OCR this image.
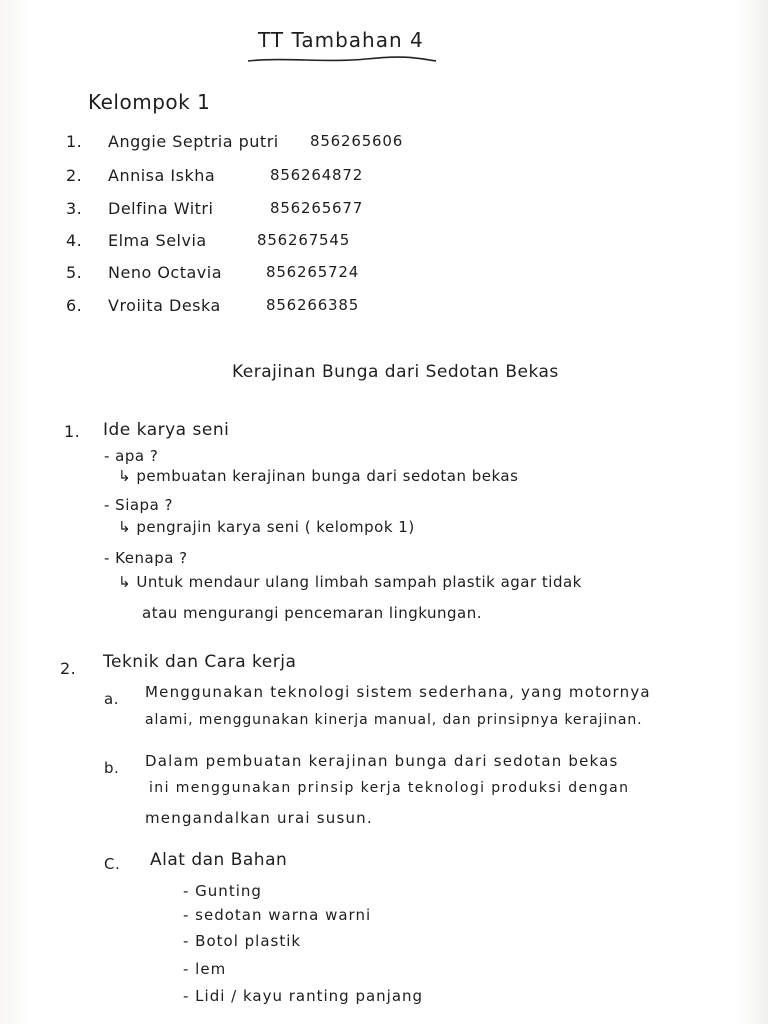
TT Tambahan 4
Kelompok 1
1. Anggie Septria putri 856265606
2. Annisa Iskha	856264872
3. Delfina Witri	856265677
4. Elma Selvia	856267545
5. Neno Octavia	856265724
6. Vroiita Deska	856266385
Kerajinan Bunga dari Sedotan Bekas
1. Ide karya seni
- apa ?
↳ pembuatan kerajinan bunga dari sedotan bekas
- Siapa ?
↳ pengrajin karya seni ( kelompok 1)
- Kenapa ?
↳ Untuk mendaur ulang limbah sampah plastik agar tidak
atau mengurangi pencemaran lingkungan.
2. Teknik dan Cara kerja
a. Menggunakan teknologi sistem sederhana, yang motornya
alami, menggunakan kinerja manual, dan prinsipnya kerajinan.
b. Dalam pembuatan kerajinan bunga dari sedotan bekas
ini menggunakan prinsip kerja teknologi produksi dengan
mengandalkan urai susun.
C. Alat dan Bahan
- Gunting
- sedotan warna warni
- Botol plastik
- lem
- Lidi / kayu ranting panjang
